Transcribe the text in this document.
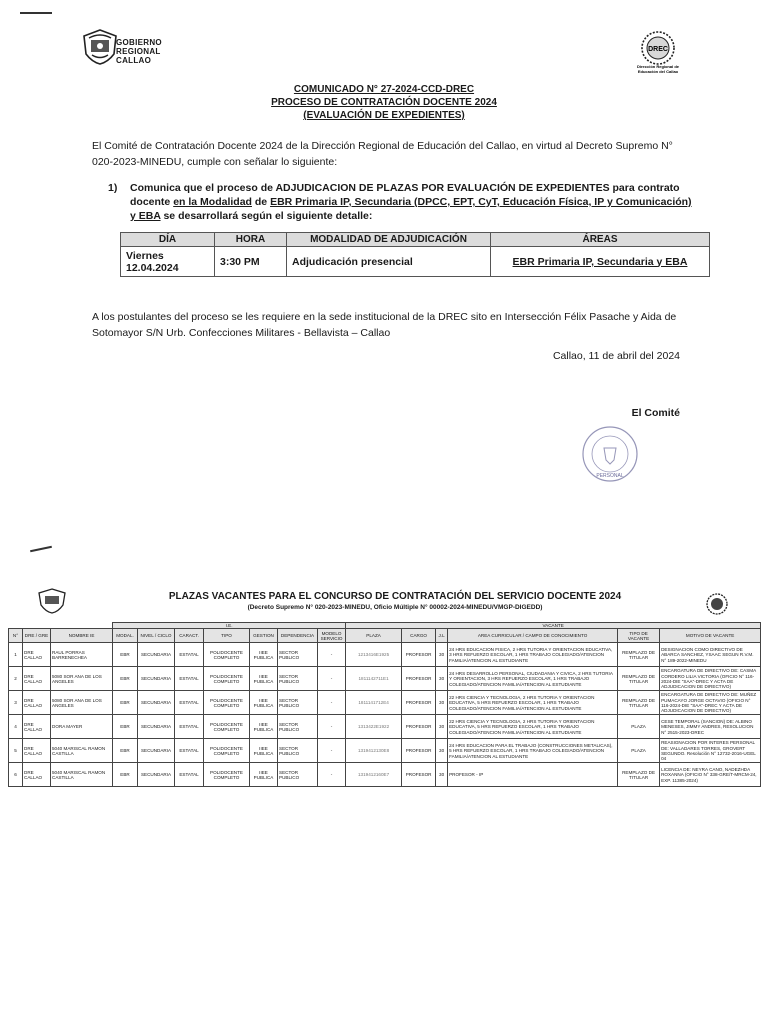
GOBIERNO
REGIONAL
CALLAO
DREC
Dirección Regional de
Educación del Callao
COMUNICADO N° 27-2024-CCD-DREC
PROCESO DE CONTRATACIÓN DOCENTE 2024
(EVALUACIÓN DE EXPEDIENTES)
El Comité de Contratación Docente 2024 de la Dirección Regional de Educación del Callao, en virtud al Decreto Supremo N° 020-2023-MINEDU, cumple con señalar lo siguiente:
1) Comunica que el proceso de ADJUDICACION DE PLAZAS POR EVALUACIÓN DE EXPEDIENTES para contrato docente en la Modalidad de EBR Primaria IP, Secundaria (DPCC, EPT, CyT, Educación Física, IP y Comunicación) y EBA se desarrollará según el siguiente detalle:
DÍA	HORA	MODALIDAD DE ADJUDICACIÓN	ÁREAS

Viernes
12.04.2024	3:30 PM	Adjudicación presencial	EBR Primaria IP, Secundaria y EBA
A los postulantes del proceso se les requiere en la sede institucional de la DREC sito en Intersección Félix Pasache y Aida de Sotomayor S/N Urb. Confecciones Militares - Bellavista – Callao
Callao, 11 de abril del 2024
El Comité
PERSONAL
PLAZAS VACANTES PARA EL CONCURSO DE CONTRATACIÓN DEL SERVICIO DOCENTE 2024
(Decreto Supremo N° 020-2023-MINEDU, Oficio Múltiple N° 00002-2024-MINEDU/VMGP-DIGEDD)
			I.E.							VACANTE					
N°	DRE / GRE	NOMBRE IE	MODAL.	NIVEL / CICLO	CARACT.	TIPO	GESTION	DEPENDENCIA	MODELO SERVICIO	PLAZA	CARGO	J.L	AREA CURRICULAR / CAMPO DE CONOCIMIENTO	TIPO DE VACANTE	MOTIVO DE VACANTE
1	DRE CALLAO	RAUL PORRAS BARRENECHEA	EBR	SECUNDARIA	ESTATAL	POLIDOCENTE COMPLETO	IIEE PUBLICA	SECTOR PUBLICO	-	1213416E1925	PROFESOR	30	24 HRS EDUCACION FISICA, 2 HRS TUTORIA Y ORIENTACION EDUCATIVA, 3 HRS REFUERZO ESCOLAR, 1 HRS TRABAJO COLEGIADO/ATENCION FAMILIA/ATENCION AL ESTUDIANTE	REMPLAZO DE TITULAR	DESIGNACION COMO DIRECTIVO DE ABARCA SANCHEZ, YSAAC SEGUN R.V.M. N° 189-2022-MINEDU
2	DRE CALLAO	5080 SOR ANA DE LOS ANGELES	EBR	SECUNDARIA	ESTATAL	POLIDOCENTE COMPLETO	IIEE PUBLICA	SECTOR PUBLICO	-	1811142711E1	PROFESOR	30	24 HRS DESARROLLO PERSONAL, CIUDADANIA Y CIVICA, 2 HRS TUTORIA Y ORIENTACION, 3 HRS REFUERZO ESCOLAR, 1 HRS TRABAJO COLEGIADO/ATENCION FAMILIA/ATENCION AL ESTUDIANTE	REMPLAZO DE TITULAR	ENCARGATURA DE DIRECTIVO DE: CASMA CORDERO LILIA VICTORIA (OFICIO N° 116-2024-DIE "SAA"-DREC Y ACTA DE ADJUDICACION DE DIRECTIVO)
3	DRE CALLAO	5080 SOR ANA DE LOS ANGELES	EBR	SECUNDARIA	ESTATAL	POLIDOCENTE COMPLETO	IIEE PUBLICA	SECTOR PUBLICO	-	1811141712E4	PROFESOR	30	22 HRS CIENCIA Y TECNOLOGIA, 2 HRS TUTORIA Y ORIENTACION EDUCATIVA, 5 HRS REFUERZO ESCOLAR, 1 HRS TRABAJO COLEGIADO/ATENCION FAMILIA/ATENCION AL ESTUDIANTE	REMPLAZO DE TITULAR	ENCARGATURA DE DIRECTIVO DE: MUÑEZ PUMACAYO JORGE OCTAVIO (OFICIO N° 116-2024-DIE "SAA"-DREC Y ACTA DE ADJUDICACION DE DIRECTIVO)
4	DRE CALLAO	DORA MAYER	EBR	SECUNDARIA	ESTATAL	POLIDOCENTE COMPLETO	IIEE PUBLICA	SECTOR PUBLICO	-	1313422E1922	PROFESOR	30	22 HRS CIENCIA Y TECNOLOGIA, 2 HRS TUTORIA Y ORIENTACION EDUCATIVA, 5 HRS REFUERZO ESCOLAR, 1 HRS TRABAJO COLEGIADO/ATENCION FAMILIA/ATENCION AL ESTUDIANTE	PLAZA	CESE TEMPORAL (SANCION) DE: ALBINO MENESES, JIMMY ANDRES, RESOLUCION N° 2515-2023-DREC
5	DRE CALLAO	5040 MARISCAL RAMON CASTILLA	EBR	SECUNDARIA	ESTATAL	POLIDOCENTE COMPLETO	IIEE PUBLICA	SECTOR PUBLICO	-	1319412130E8	PROFESOR	30	24 HRS EDUCACION PARA EL TRABAJO (CONSTRUCCIONES METALICAS), 5 HRS REFUERZO ESCOLAR, 1 HRS TRABAJO COLEGIADO/ATENCION FAMILIA/ATENCION AL ESTUDIANTE	PLAZA	REASIGNACION POR INTERES PERSONAL DE: VALLADARES TORRES, GROVERT SEGUNDO. Resolución N° 12732-2016-UGEL 04
6	DRE CALLAO	5040 MARISCAL RAMON CASTILLA	EBR	SECUNDARIA	ESTATAL	POLIDOCENTE COMPLETO	IIEE PUBLICA	SECTOR PUBLICO	-	1319412160E7	PROFESOR	30	PROFESOR - IP	REMPLAZO DE TITULAR	LICENCIA DE: NEYRA CANO, NADEZHDA ROXANNA (OFICIO N° 338-GRE/T-MRCM-24, EXP. 11385-2024)
